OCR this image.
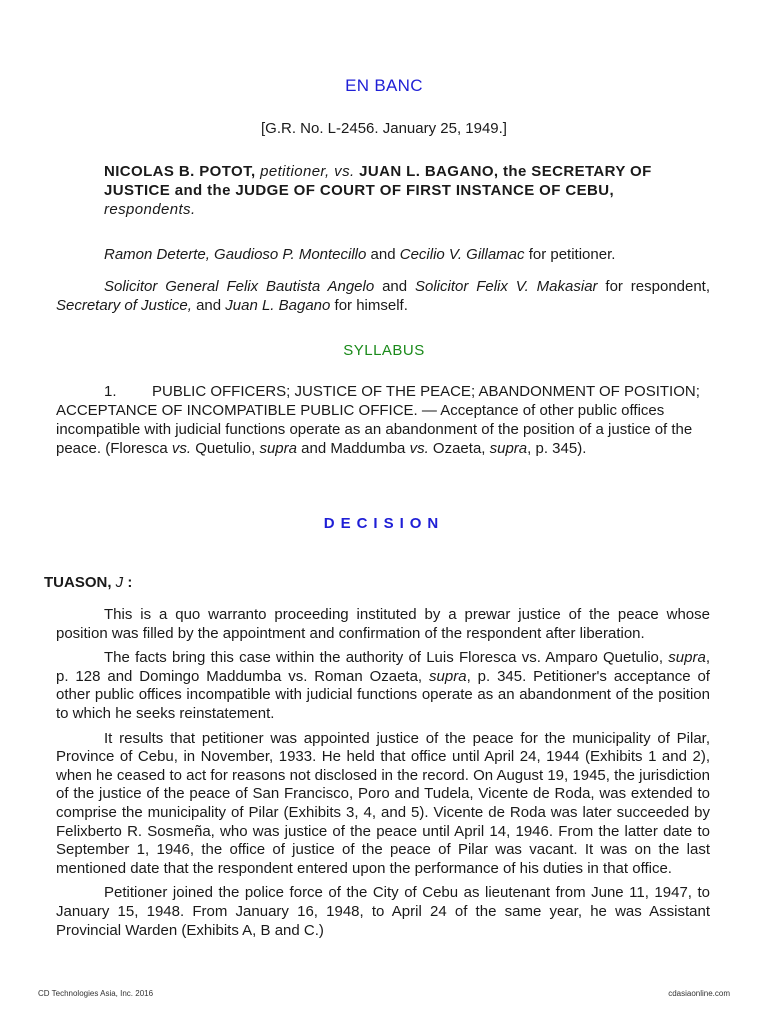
EN BANC
[G.R. No. L-2456. January 25, 1949.]
NICOLAS B. POTOT, petitioner, vs. JUAN L. BAGANO, the SECRETARY OF JUSTICE and the JUDGE OF COURT OF FIRST INSTANCE OF CEBU, respondents.
Ramon Deterte, Gaudioso P. Montecillo and Cecilio V. Gillamac for petitioner.
Solicitor General Felix Bautista Angelo and Solicitor Felix V. Makasiar for respondent, Secretary of Justice, and Juan L. Bagano for himself.
SYLLABUS

1. PUBLIC OFFICERS; JUSTICE OF THE PEACE; ABANDONMENT OF POSITION; ACCEPTANCE OF INCOMPATIBLE PUBLIC OFFICE. — Acceptance of other public offices incompatible with judicial functions operate as an abandonment of the position of a justice of the peace. (Floresca vs. Quetulio, supra and Maddumba vs. Ozaeta, supra, p. 345).

DECISION
TUASON, J :

This is a quo warranto proceeding instituted by a prewar justice of the peace whose position was filled by the appointment and confirmation of the respondent after liberation.

The facts bring this case within the authority of Luis Floresca vs. Amparo Quetulio, supra, p. 128 and Domingo Maddumba vs. Roman Ozaeta, supra, p. 345. Petitioner's acceptance of other public offices incompatible with judicial functions operate as an abandonment of the position to which he seeks reinstatement.

It results that petitioner was appointed justice of the peace for the municipality of Pilar, Province of Cebu, in November, 1933. He held that office until April 24, 1944 (Exhibits 1 and 2), when he ceased to act for reasons not disclosed in the record. On August 19, 1945, the jurisdiction of the justice of the peace of San Francisco, Poro and Tudela, Vicente de Roda, was extended to comprise the municipality of Pilar (Exhibits 3, 4, and 5). Vicente de Roda was later succeeded by Felixberto R. Sosmeña, who was justice of the peace until April 14, 1946. From the latter date to September 1, 1946, the office of justice of the peace of Pilar was vacant. It was on the last mentioned date that the respondent entered upon the performance of his duties in that office.

Petitioner joined the police force of the City of Cebu as lieutenant from June 11, 1947, to January 15, 1948. From January 16, 1948, to April 24 of the same year, he was Assistant Provincial Warden (Exhibits A, B and C.)

CD Technologies Asia, Inc. 2016	cdasiaonline.com
